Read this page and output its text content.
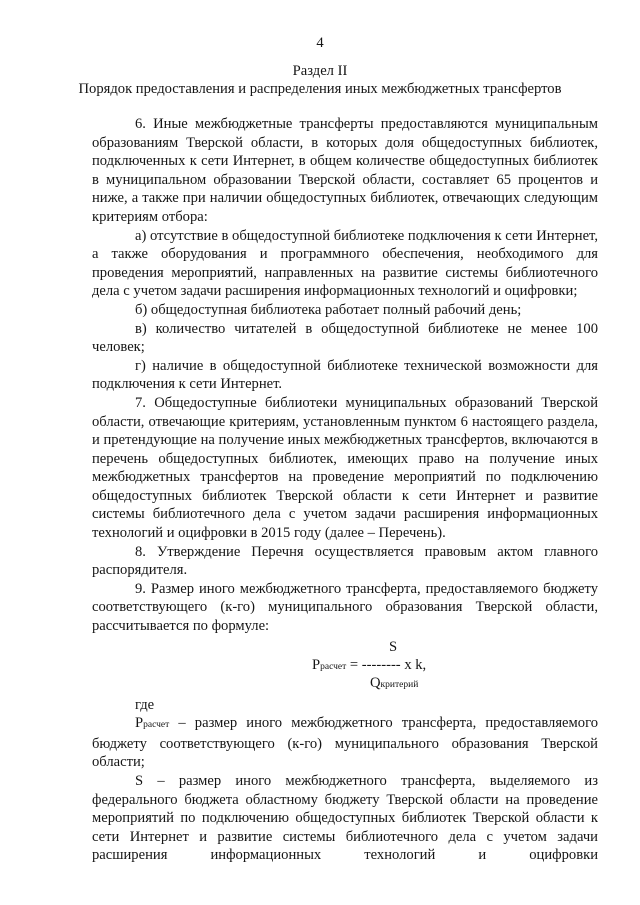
4
Раздел II
Порядок предоставления и распределения иных межбюджетных трансфертов

6. Иные межбюджетные трансферты предоставляются муниципальным образованиям Тверской области, в которых доля общедоступных библиотек, подключенных к сети Интернет, в общем количестве общедоступных библиотек в муниципальном образовании Тверской области, составляет 65 процентов и ниже, а также при наличии общедоступных библиотек, отвечающих следующим критериям отбора:

а) отсутствие в общедоступной библиотеке подключения к сети Интернет, а также оборудования и программного обеспечения, необходимого для проведения мероприятий, направленных на развитие системы библиотечного дела с учетом задачи расширения информационных технологий и оцифровки;

б) общедоступная библиотека работает полный рабочий день;

в) количество читателей в общедоступной библиотеке не менее 100 человек;

г) наличие в общедоступной библиотеке технической возможности для подключения к сети Интернет.

7. Общедоступные библиотеки муниципальных образований Тверской области, отвечающие критериям, установленным пунктом 6 настоящего раздела, и претендующие на получение иных межбюджетных трансфертов, включаются в перечень общедоступных библиотек, имеющих право на получение иных межбюджетных трансфертов на проведение мероприятий по подключению общедоступных библиотек Тверской области к сети Интернет и развитие системы библиотечного дела с учетом задачи расширения информационных технологий и оцифровки в 2015 году (далее – Перечень).

8. Утверждение Перечня осуществляется правовым актом главного распорядителя.

9. Размер иного межбюджетного трансферта, предоставляемого бюджету соответствующего (к-го) муниципального образования Тверской области, рассчитывается по формуле:

S
Pрасчет = -------- x k,
Qкритерий

где

Pрасчет – размер иного межбюджетного трансферта, предоставляемого бюджету соответствующего (к-го) муниципального образования Тверской области;

S – размер иного межбюджетного трансферта, выделяемого из федерального бюджета областному бюджету Тверской области на проведение мероприятий по подключению общедоступных библиотек Тверской области к сети Интернет и развитие системы библиотечного дела с учетом задачи расширения информационных технологий и оцифровки
